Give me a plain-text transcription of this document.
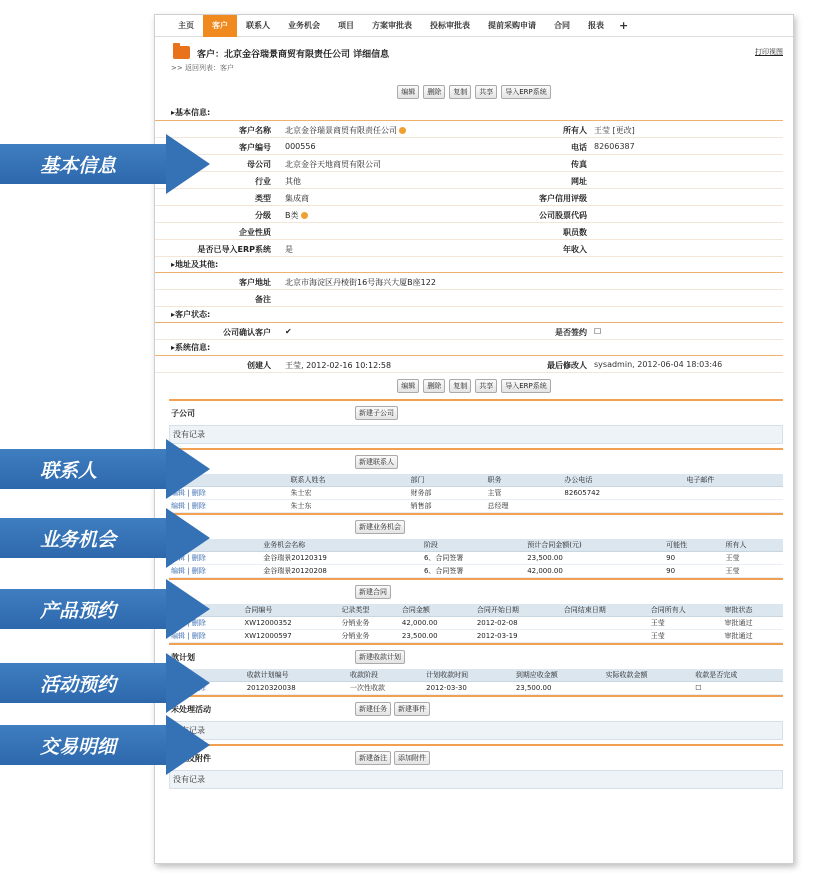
主页	客户	联系人	业务机会	项目	方案审批表	投标审批表	提前采购申请	合同	报表	+
客户：北京金谷瑞景商贸有限责任公司 详细信息	打印视图
>> 返回列表：客户
编辑	删除	复制	共享	导入ERP系统
▸基本信息:
客户名称 北京金谷瑞景商贸有限责任公司	所有人 王莹 [更改]
客户编号 000556	电话 82606387
母公司 北京金谷天地商贸有限公司	传真
行业 其他	网址
类型 集成商	客户信用评级
分级 B类	公司股票代码
企业性质	职员数
是否已导入ERP系统 是	年收入
▸地址及其他:
客户地址 北京市海淀区丹棱街16号海兴大厦B座122
备注
▸客户状态:
公司确认客户 ✔	是否签约 ☐
▸系统信息:
创建人 王莹, 2012-02-16 10:12:58	最后修改人 sysadmin, 2012-06-04 18:03:46
编辑	删除	复制	共享	导入ERP系统
子公司	新建子公司
没有记录
联系人	新建联系人
操作	联系人姓名	部门	职务	办公电话	电子邮件
编辑 | 删除	朱士宏	财务部	主管	82605742	
编辑 | 删除	朱士东	销售部	总经理		
机会	新建业务机会
操作	业务机会名称	阶段	预计合同金额(元)	可能性	所有人
编辑 | 删除	金谷瑞景20120319	6、合同签署	23,500.00	90	王莹
编辑 | 删除	金谷瑞景20120208	6、合同签署	42,000.00	90	王莹
同	新建合同
操作	合同编号	记录类型	合同金额	合同开始日期	合同结束日期	合同所有人	审批状态
编辑 | 删除	XW12000352	分销业务	42,000.00	2012-02-08		王莹	审批通过
编辑 | 删除	XW12000597	分销业务	23,500.00	2012-03-19		王莹	审批通过
款计划	新建收款计划
操作	收款计划编号	收款阶段	计划收款时间	到期应收金额	实际收款金额	收款是否完成
编辑 | 删除	20120320038	一次性收款	2012-03-30	23,500.00		☐
未处理活动	新建任务	新建事件
没有记录
备注及附件	新建备注	添加附件
没有记录
基本信息
联系人
业务机会
产品预约
活动预约
交易明细
